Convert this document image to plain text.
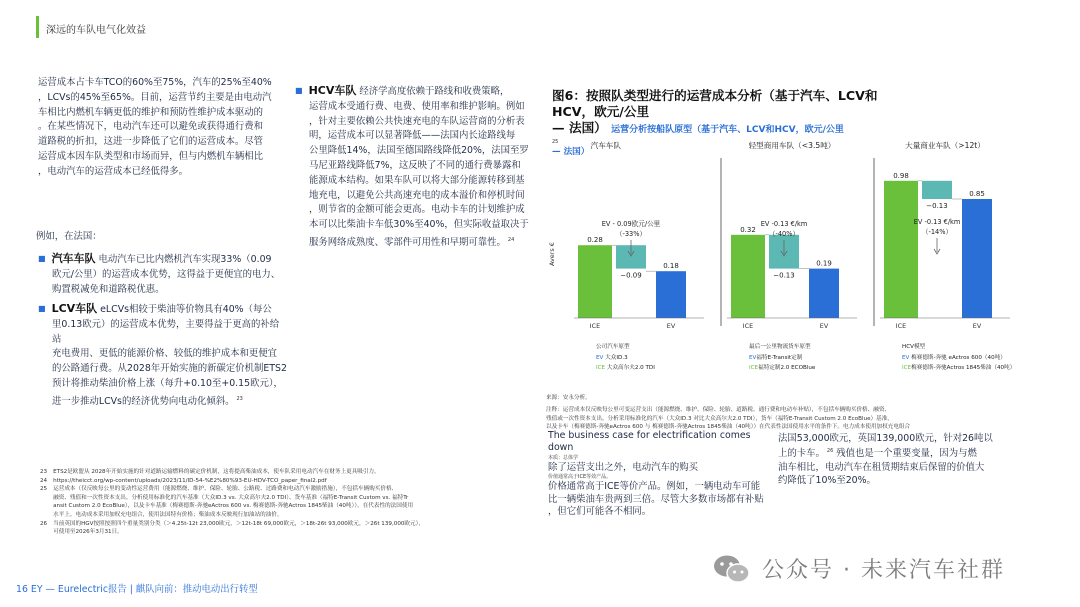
深远的车队电气化效益
运营成本占卡车TCO的60%至75%，汽车的25%至40%
，LCVs的45%至65%。目前，运营节约主要是由电动汽
车相比内燃机车辆更低的维护和预防性维护成本驱动的
。在某些情况下，电动汽车还可以避免或获得通行费和
道路税的折扣，这进一步降低了它们的运营成本。尽管
运营成本因车队类型和市场而异，但与内燃机车辆相比
，电动汽车的运营成本已经低得多。
例如，在法国：
■ 汽车车队 电动汽车已比内燃机汽车实现33%（0.09
欧元/公里）的运营成本优势，这得益于更便宜的电力、
购置税减免和道路税优惠。
■ LCV车队 eLCVs相较于柴油等价物具有40%（每公
里0.13欧元）的运营成本优势，主要得益于更高的补给站
充电费用、更低的能源价格、较低的维护成本和更便宜
的公路通行费。从2028年开始实施的新碳定价机制ETS2
预计将推动柴油价格上涨（每升+0.10至+0.15欧元），
进一步推动LCVs的经济优势向电动化倾斜。 $^{23}$
23 ETS2是欧盟从 2028年开始实施的针对道路运输燃料的碳定价机制，这将提高柴油成本，使车队采用电动汽车在财务上更具吸引力。
24 https://theicct.org/wp-content/uploads/2023/11/ID-54-%E2%80%93-EU-HDV-TCO_paper_final2.pdf
25 运营成本（仅反映每公里的变动性运营费用（能源燃烧、维护、保险、轮胎、公路税、过路费和电动汽车激励措施），不包括车辆购买价格、
融资、残值和一次性资本支出。分析使用标准化的汽车基准（大众ID.3 vs. 大众高尔夫2.0 TDI）、货车基准（福特E-Transit Custom vs. 福特Tr
ansit Custom 2.0 EcoBlue），以及卡车基准（梅赛德斯-奔驰eActros 600 vs. 梅赛德斯-奔驰Actros 1845柴油（40吨）），在代表性的法国使用
水平上。电动成本采用加权充电组合，使用法国特有价格；柴油成本反映现行加油站的油价。
26 当前英国的HGV按照按照四个重量类别分类（＞4.25t-12t 23,000欧元，＞12t-18t 69,000欧元，＞18t-26t 93,000欧元，＞26t 139,000欧元），
可使用至2026年3月31日。
■ HCV车队 经济学高度依赖于路线和收费策略，
运营成本受通行费、电费、使用率和维护影响。例如
，针对主要依赖公共快速充电的车队运营商的分析表
明，运营成本可以显著降低——法国内长途路线每
公里降低14%，法国至德国路线降低20%，法国至罗
马尼亚路线降低7%，这反映了不同的通行费暴露和
能源成本结构。如果车队可以将大部分能源转移到基
地充电，以避免公共高速充电的成本溢价和停机时间
，则节省的金额可能会更高。电动卡车的计划维护成
本可以比柴油卡车低30%至40%，但实际收益取决于
服务网络成熟度、零部件可用性和早期可靠性。 $^{24}$
图6：按照队类型进行的运营成本分析（基于汽车、LCV和HCV，欧元/公里
— 法国） 运营分析按船队原型（基于汽车、LCV和HCV，欧元/公里
25
— 法国）
Avers €
汽车车队
0.28
0.18
−0.09
ICE	EV
EV - 0.09欧元/公里
（-33%）
公司汽车原型
EV 大众ID.3
ICE 大众高尔夫2.0 TDI
轻型商用车队（<3.5吨）
0.32
0.19
−0.13
ICE	EV
EV -0.13 €/km
（-40%）
最后一公里物流货车原型
EV福特E-Transit定制
ICE福特定制2.0 ECOBlue
大量商业车队（>12t）
0.98
0.85
−0.13
ICE	EV
EV -0.13 €/km
（-14%）
HCV模型
EV 梅赛德斯-奔驰 eActros 600（40吨）
ICE梅赛德斯-奔驰Actros 1845柴油（40吨）
来源：安永分析。
注释：运营成本仅反映每公里可变运营支出（能源燃烧、维护、保险、轮胎、道路税、通行费和电动车补贴），不包括车辆购买价格、融资、
残值或一次性资本支出。分析采用标准化的汽车（大众ID.3 对比大众高尔夫2.0 TDI），货车（福特E-Transit Custom 2.0 EcoBlue）基准，
以及卡车（梅赛德斯-奔驰eActros 600 与 梅赛德斯-奔驰Actros 1845柴油（40吨））在代表性法国使用水平的条件下。电力成本使用加权充电组合
The business case for electrification comes down
本质：总体学
除了运营支出之外，电动汽车的购买
价值通常高于ICE等效产品。
价格通常高于ICE等价产品。例如，一辆电动车可能
比一辆柴油车贵两到三倍。尽管大多数市场都有补贴
，但它们可能各不相同。
法国53,000欧元，英国139,000欧元，针对26吨以
上的卡车。 $^{26}$ 残值也是一个重要变量，因为与燃
油车相比，电动汽车在租赁期结束后保留的价值大
约降低了10%至20%。
16 EY — Eurelectric报告 | 麒队向前：推动电动出行转型
公众号 · 未来汽车社群
